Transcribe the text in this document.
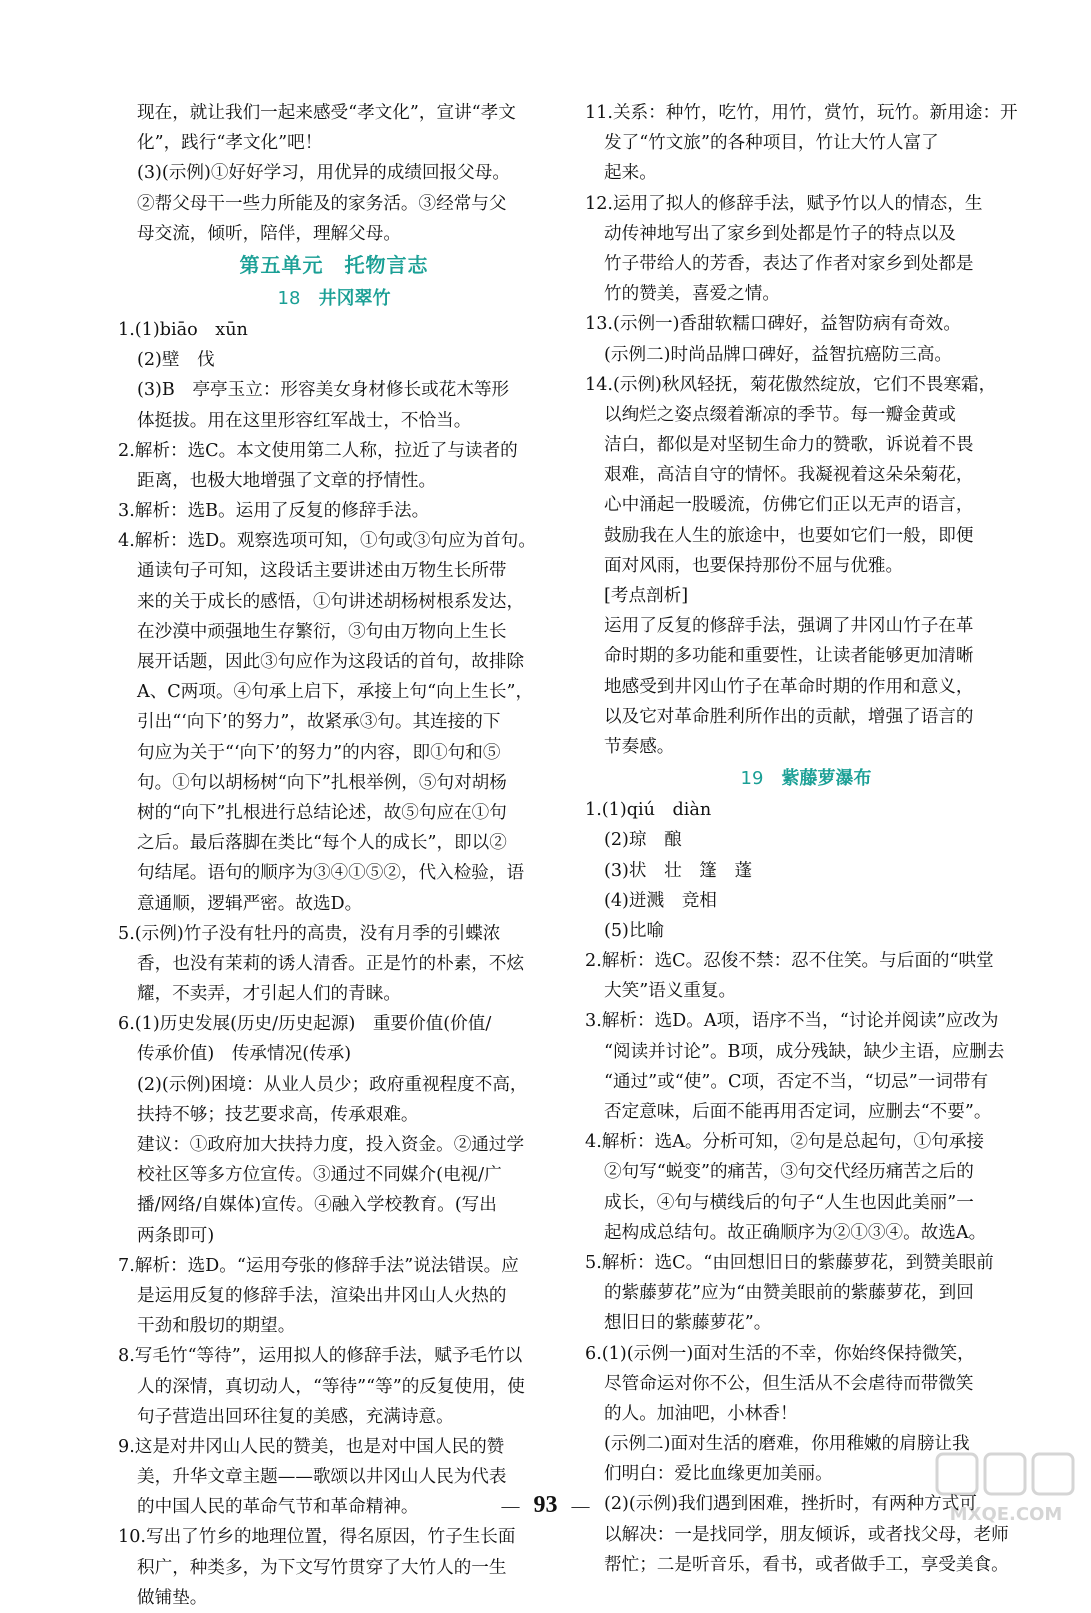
现在，就让我们一起来感受“孝文化”，宣讲“孝文
化”，践行“孝文化”吧！
(3)(示例)①好好学习，用优异的成绩回报父母。
②帮父母干一些力所能及的家务活。③经常与父
母交流，倾听，陪伴，理解父母。
第五单元　托物言志
18 井冈翠竹
1.(1)biāo　xūn
(2)壁　伐
(3)B　亭亭玉立：形容美女身材修长或花木等形
体挺拔。用在这里形容红军战士，不恰当。
2.解析：选C。本文使用第二人称，拉近了与读者的
距离，也极大地增强了文章的抒情性。
3.解析：选B。运用了反复的修辞手法。
4.解析：选D。观察选项可知，①句或③句应为首句。
通读句子可知，这段话主要讲述由万物生长所带
来的关于成长的感悟，①句讲述胡杨树根系发达，
在沙漠中顽强地生存繁衍，③句由万物向上生长
展开话题，因此③句应作为这段话的首句，故排除
A、C两项。④句承上启下，承接上句“向上生长”，
引出“‘向下’的努力”，故紧承③句。其连接的下
句应为关于“‘向下’的努力”的内容，即①句和⑤
句。①句以胡杨树“向下”扎根举例，⑤句对胡杨
树的“向下”扎根进行总结论述，故⑤句应在①句
之后。最后落脚在类比“每个人的成长”，即以②
句结尾。语句的顺序为③④①⑤②，代入检验，语
意通顺，逻辑严密。故选D。
5.(示例)竹子没有牡丹的高贵，没有月季的引蝶浓
香，也没有茉莉的诱人清香。正是竹的朴素，不炫
耀，不卖弄，才引起人们的青睐。
6.(1)历史发展(历史/历史起源)　重要价值(价值/
传承价值)　传承情况(传承)
(2)(示例)困境：从业人员少；政府重视程度不高，
扶持不够；技艺要求高，传承艰难。
建议：①政府加大扶持力度，投入资金。②通过学
校社区等多方位宣传。③通过不同媒介(电视/广
播/网络/自媒体)宣传。④融入学校教育。(写出
两条即可)
7.解析：选D。“运用夸张的修辞手法”说法错误。应
是运用反复的修辞手法，渲染出井冈山人火热的
干劲和殷切的期望。
8.写毛竹“等待”，运用拟人的修辞手法，赋予毛竹以
人的深情，真切动人，“等待”“等”的反复使用，使
句子营造出回环往复的美感，充满诗意。
9.这是对井冈山人民的赞美，也是对中国人民的赞
美，升华文章主题——歌颂以井冈山人民为代表
的中国人民的革命气节和革命精神。
10.写出了竹乡的地理位置，得名原因，竹子生长面
积广，种类多，为下文写竹贯穿了大竹人的一生
做铺垫。
11.关系：种竹，吃竹，用竹，赏竹，玩竹。新用途：开
发了“竹文旅”的各种项目，竹让大竹人富了
起来。
12.运用了拟人的修辞手法，赋予竹以人的情态，生
动传神地写出了家乡到处都是竹子的特点以及
竹子带给人的芳香，表达了作者对家乡到处都是
竹的赞美，喜爱之情。
13.(示例一)香甜软糯口碑好，益智防病有奇效。
(示例二)时尚品牌口碑好，益智抗癌防三高。
14.(示例)秋风轻抚，菊花傲然绽放，它们不畏寒霜，
以绚烂之姿点缀着渐凉的季节。每一瓣金黄或
洁白，都似是对坚韧生命力的赞歌，诉说着不畏
艰难，高洁自守的情怀。我凝视着这朵朵菊花，
心中涌起一股暖流，仿佛它们正以无声的语言，
鼓励我在人生的旅途中，也要如它们一般，即便
面对风雨，也要保持那份不屈与优雅。
[考点剖析]
运用了反复的修辞手法，强调了井冈山竹子在革
命时期的多功能和重要性，让读者能够更加清晰
地感受到井冈山竹子在革命时期的作用和意义，
以及它对革命胜利所作出的贡献，增强了语言的
节奏感。
19 紫藤萝瀑布
1.(1)qiú　diàn
(2)琼　酿
(3)状　壮　篷　蓬
(4)迸溅　竞相
(5)比喻
2.解析：选C。忍俊不禁：忍不住笑。与后面的“哄堂
大笑”语义重复。
3.解析：选D。A项，语序不当，“讨论并阅读”应改为
“阅读并讨论”。B项，成分残缺，缺少主语，应删去
“通过”或“使”。C项，否定不当，“切忌”一词带有
否定意味，后面不能再用否定词，应删去“不要”。
4.解析：选A。分析可知，②句是总起句，①句承接
②句写“蜕变”的痛苦，③句交代经历痛苦之后的
成长，④句与横线后的句子“人生也因此美丽”一
起构成总结句。故正确顺序为②①③④。故选A。
5.解析：选C。“由回想旧日的紫藤萝花，到赞美眼前
的紫藤萝花”应为“由赞美眼前的紫藤萝花，到回
想旧日的紫藤萝花”。
6.(1)(示例一)面对生活的不幸，你始终保持微笑，
尽管命运对你不公，但生活从不会虐待而带微笑
的人。加油吧，小林香！
(示例二)面对生活的磨难，你用稚嫩的肩膀让我
们明白：爱比血缘更加美丽。
(2)(示例)我们遇到困难，挫折时，有两种方式可
以解决：一是找同学，朋友倾诉，或者找父母，老师
帮忙；二是听音乐，看书，或者做手工，享受美食。
— 93 —	MXQE.COM
